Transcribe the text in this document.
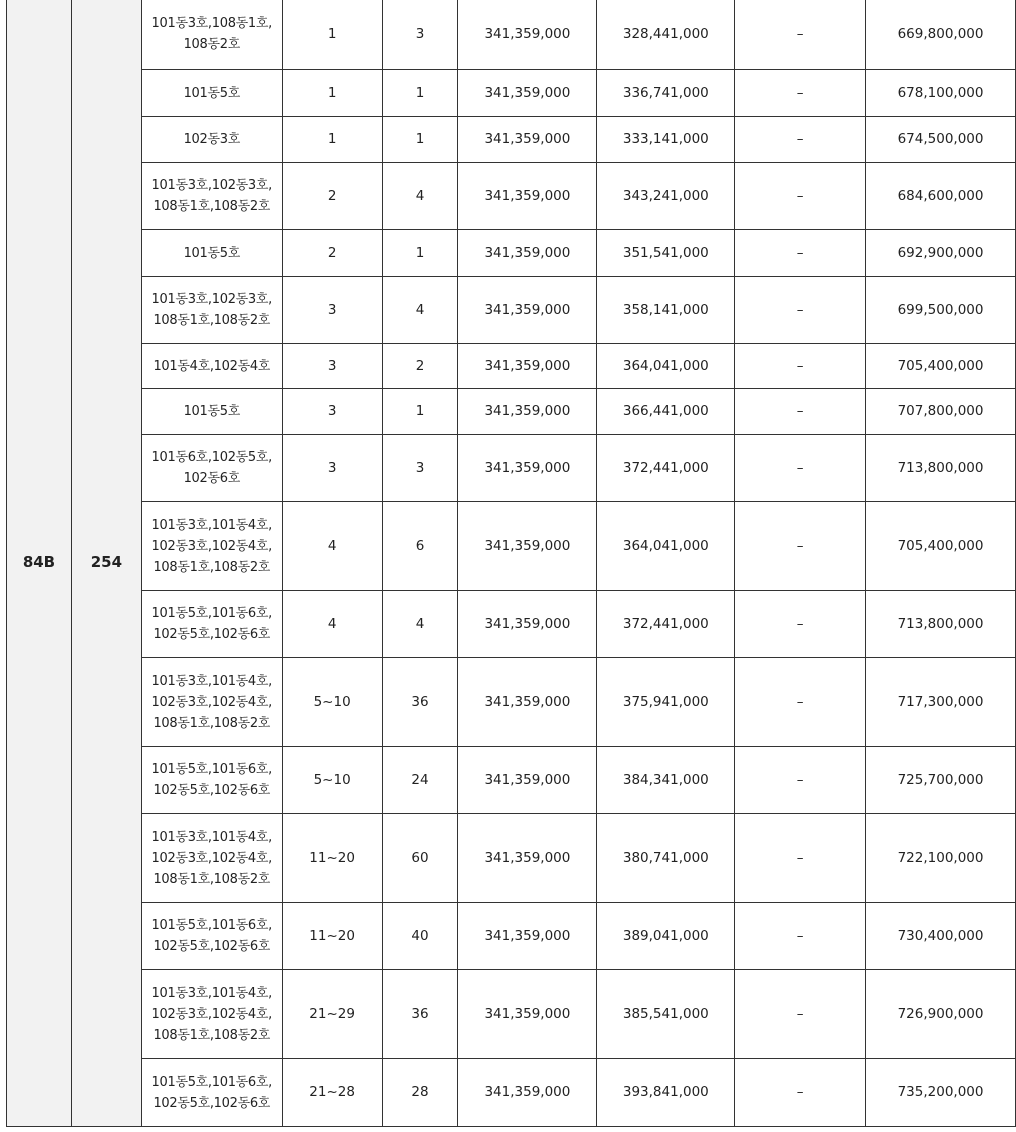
84B	254	101동3호,108동1호,
108동2호	1	3	341,359,000	328,441,000	–	669,800,000
		101동5호	1	1	341,359,000	336,741,000	–	678,100,000
		102동3호	1	1	341,359,000	333,141,000	–	674,500,000
		101동3호,102동3호,
108동1호,108동2호	2	4	341,359,000	343,241,000	–	684,600,000
		101동5호	2	1	341,359,000	351,541,000	–	692,900,000
		101동3호,102동3호,
108동1호,108동2호	3	4	341,359,000	358,141,000	–	699,500,000
		101동4호,102동4호	3	2	341,359,000	364,041,000	–	705,400,000
		101동5호	3	1	341,359,000	366,441,000	–	707,800,000
		101동6호,102동5호,
102동6호	3	3	341,359,000	372,441,000	–	713,800,000
		101동3호,101동4호,
102동3호,102동4호,
108동1호,108동2호	4	6	341,359,000	364,041,000	–	705,400,000
		101동5호,101동6호,
102동5호,102동6호	4	4	341,359,000	372,441,000	–	713,800,000
		101동3호,101동4호,
102동3호,102동4호,
108동1호,108동2호	5~10	36	341,359,000	375,941,000	–	717,300,000
		101동5호,101동6호,
102동5호,102동6호	5~10	24	341,359,000	384,341,000	–	725,700,000
		101동3호,101동4호,
102동3호,102동4호,
108동1호,108동2호	11~20	60	341,359,000	380,741,000	–	722,100,000
		101동5호,101동6호,
102동5호,102동6호	11~20	40	341,359,000	389,041,000	–	730,400,000
		101동3호,101동4호,
102동3호,102동4호,
108동1호,108동2호	21~29	36	341,359,000	385,541,000	–	726,900,000
		101동5호,101동6호,
102동5호,102동6호	21~28	28	341,359,000	393,841,000	–	735,200,000
